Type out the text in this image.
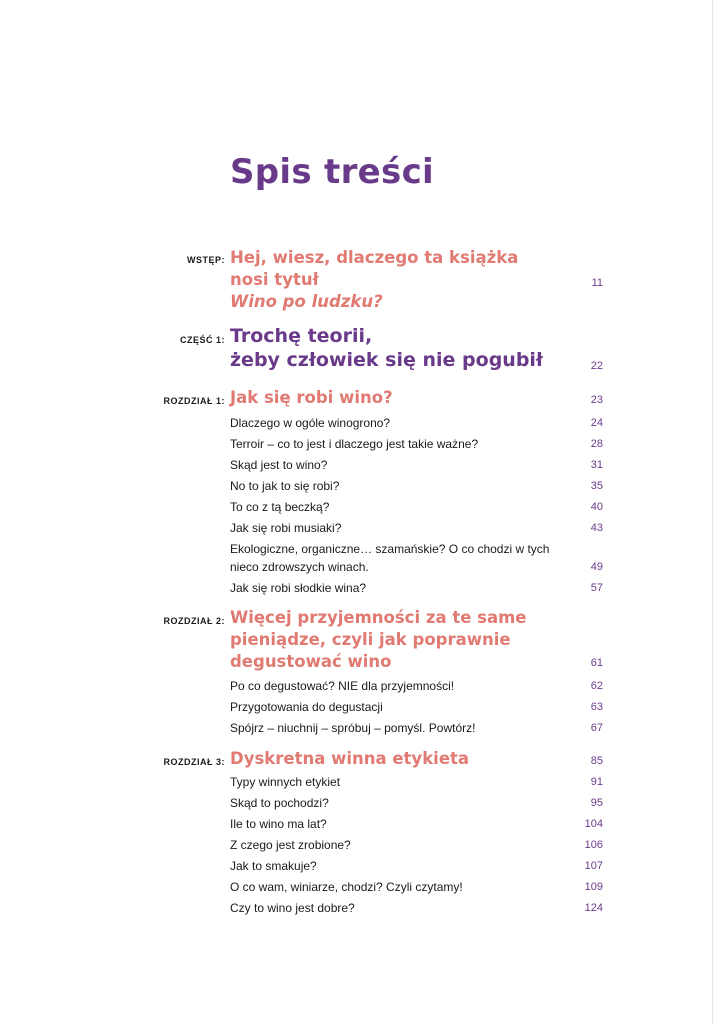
Spis treści
WSTĘP: Hej, wiesz, dlaczego ta książka nosi tytuł
Wino po ludzku?
11
CZĘŚĆ 1: Trochę teorii,
żeby człowiek się nie pogubił	22
ROZDZIAŁ 1: Jak się robi wino?	23
Dlaczego w ogóle winogrono?	24
Terroir – co to jest i dlaczego jest takie ważne?	28
Skąd jest to wino?	31
No to jak to się robi?	35
To co z tą beczką?	40
Jak się robi musiaki?	43
Ekologiczne, organiczne… szamańskie? O co chodzi w tych
nieco zdrowszych winach.	49
Jak się robi słodkie wina?	57
ROZDZIAŁ 2: Więcej przyjemności za te same
pieniądze, czyli jak poprawnie
degustować wino	61
Po co degustować? NIE dla przyjemności!	62
Przygotowania do degustacji	63
Spójrz – niuchnij – spróbuj – pomyśl. Powtórz!	67
ROZDZIAŁ 3: Dyskretna winna etykieta	85
Typy winnych etykiet	91
Skąd to pochodzi?	95
Ile to wino ma lat?	104
Z czego jest zrobione?	106
Jak to smakuje?	107
O co wam, winiarze, chodzi? Czyli czytamy!	109
Czy to wino jest dobre?	124
